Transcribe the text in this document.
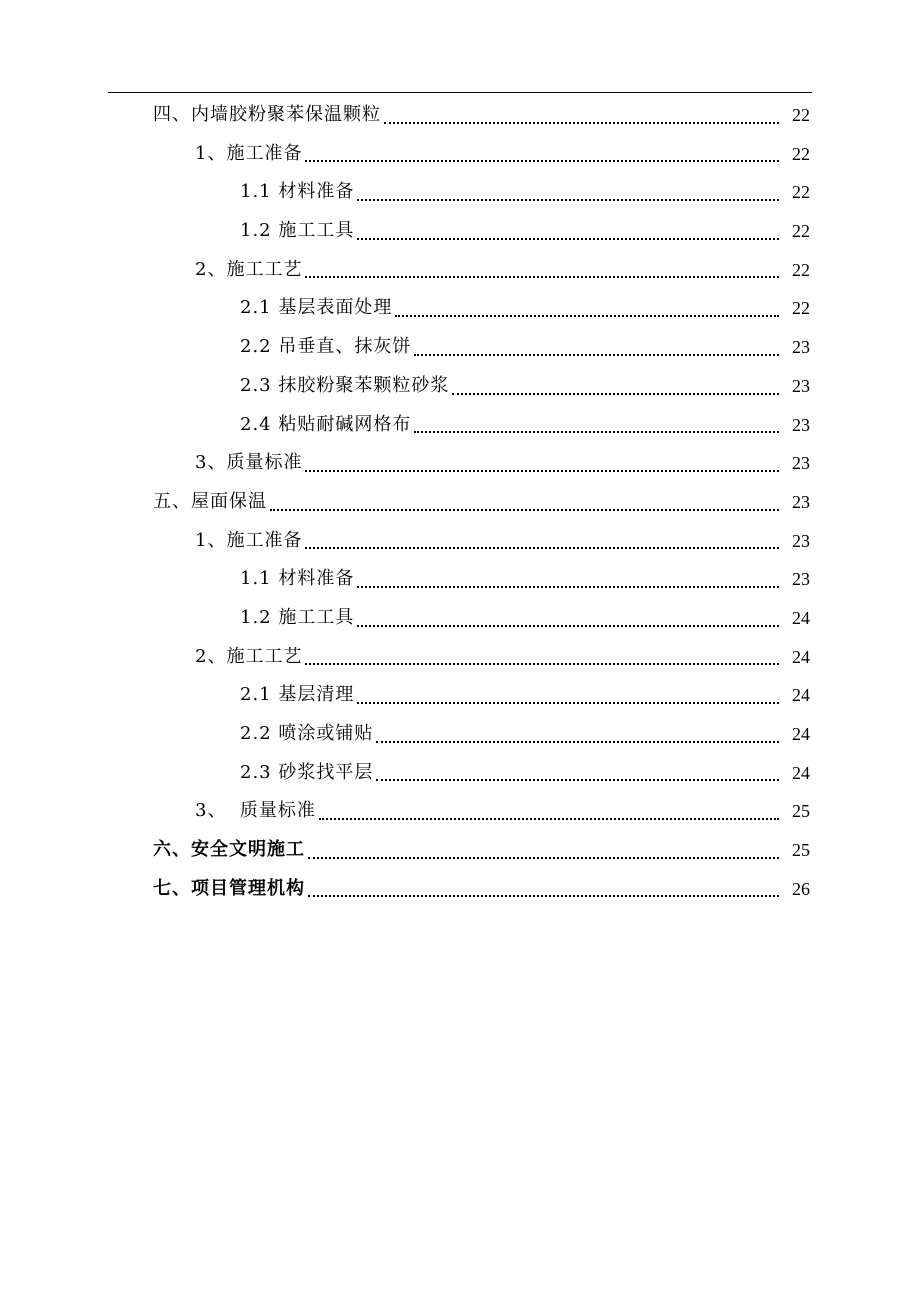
四、内墙胶粉聚苯保温颗粒	22
1、施工准备	22
1.1 材料准备	22
1.2 施工工具	22
2、施工工艺	22
2.1 基层表面处理	22
2.2 吊垂直、抹灰饼	23
2.3 抹胶粉聚苯颗粒砂浆	23
2.4 粘贴耐碱网格布	23
3、质量标准	23
五、屋面保温	23
1、施工准备	23
1.1 材料准备	23
1.2 施工工具	24
2、施工工艺	24
2.1 基层清理	24
2.2 喷涂或铺贴	24
2.3 砂浆找平层	24
3、  质量标准	25
六、安全文明施工	25
七、项目管理机构	26
